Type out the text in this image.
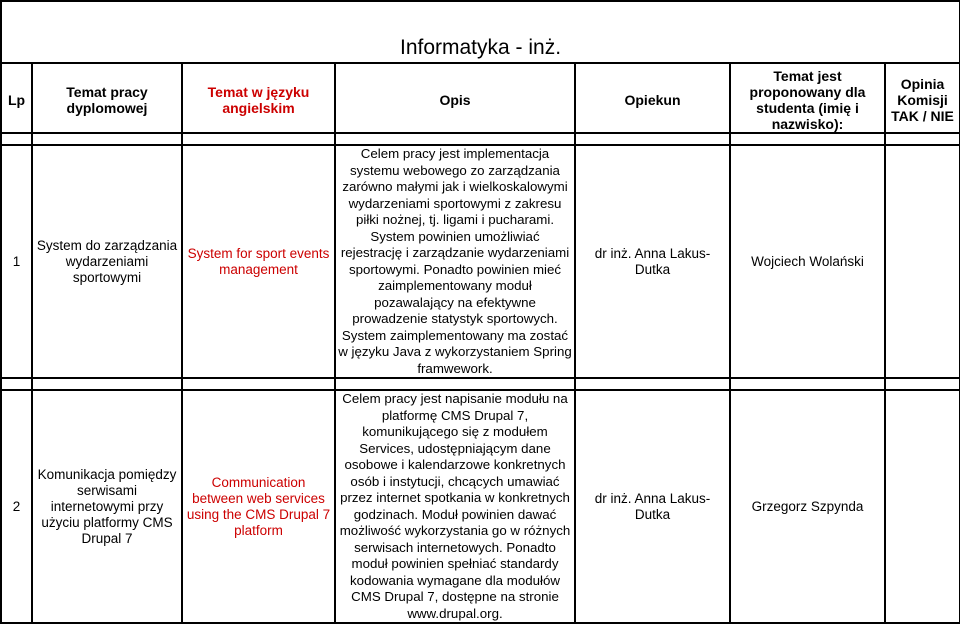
Informatyka - inż.						
Lp	Temat pracy dyplomowej	Temat w języku angielskim	Opis	Opiekun	Temat jest proponowany dla studenta (imię i nazwisko):	Opinia Komisji TAK / NIE

1	System do zarządzania wydarzeniami sportowymi	System for sport events management	Celem pracy jest implementacja systemu webowego zo zarządzania zarówno małymi jak i wielkoskalowymi wydarzeniami sportowymi z zakresu piłki nożnej, tj. ligami i pucharami. System powinien umożliwiać rejestrację i zarządzanie wydarzeniami sportowymi. Ponadto powinien mieć zaimplementowany moduł pozawalający na efektywne prowadzenie statystyk sportowych. System zaimplementowany ma zostać w języku Java z wykorzystaniem Spring framwework.	dr inż. Anna Lakus-Dutka	Wojciech Wolański	

2	Komunikacja pomiędzy serwisami internetowymi przy użyciu platformy CMS Drupal 7	Communication between web services using the CMS Drupal 7 platform	Celem pracy jest napisanie modułu na platformę CMS Drupal 7, komunikującego się z modułem Services, udostępniającym dane osobowe i kalendarzowe konkretnych osób i instytucji, chcących umawiać przez internet spotkania w konkretnych godzinach. Moduł powinien dawać możliwość wykorzystania go w różnych serwisach internetowych. Ponadto moduł powinien spełniać standardy kodowania wymagane dla modułów CMS Drupal 7, dostępne na stronie www.drupal.org.	dr inż. Anna Lakus-Dutka	Grzegorz Szpynda	
